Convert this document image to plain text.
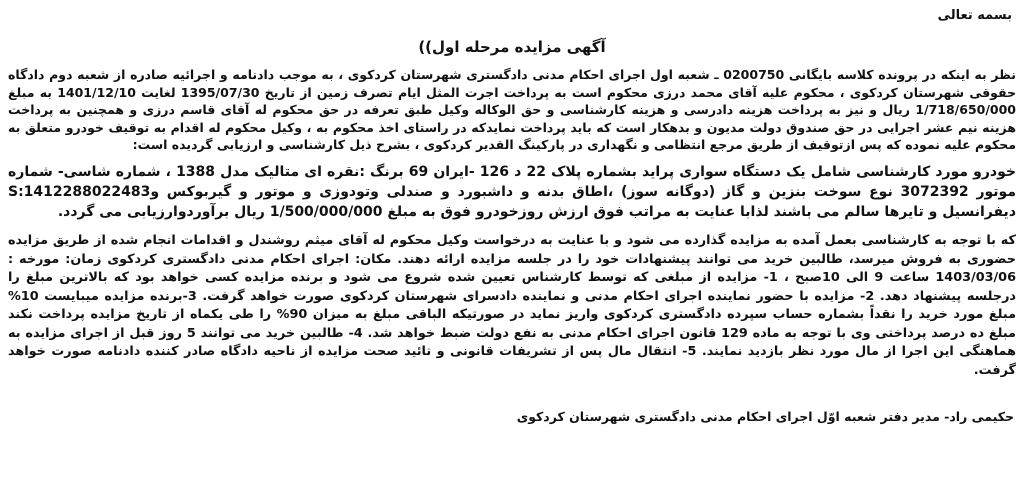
بسمه تعالی
آگهی مزایده مرحله اول))

نظر به اینکه در پرونده کلاسه بایگانی 0200750 ـ شعبه اول اجرای احکام مدنی دادگستری شهرستان کردکوی ، به موجب دادنامه و اجرائیه صادره از شعبه دوم دادگاه حقوقی شهرستان کردکوی ، محکوم علیه آقای محمد درزی محکوم است به پرداخت اجرت المثل ایام تصرف زمین از تاریخ 1395/07/30 لغایت 1401/12/10 به مبلغ 1/718/650/000 ریال و نیز به پرداخت هزینه دادرسی و هزینه کارشناسی و حق الوکاله وکیل طبق تعرفه در حق محکوم له آقای قاسم درزی و همچنین به پرداخت هزینه نیم عشر اجرایی در حق صندوق دولت مدیون و بدهکار است که باید پرداخت نمایدکه در راستای اخذ محکوم به ، وکیل محکوم له اقدام به توقیف خودرو متعلق به محکوم علیه نموده که پس ازتوقیف از طریق مرجع انتظامی و نگهداری در پارکینگ القدیر کردکوی ، بشرح ذیل کارشناسی و ارزیابی گردیده است:

خودرو مورد کارشناسی شامل یک دستگاه سواری پراید بشماره پلاک 22 د 126 -ایران 69 برنگ :نقره ای متالیک مدل 1388 ، شماره شاسی- شماره موتور 3072392 نوع سوخت بنزین و گاز (دوگانه سوز) ،اطاق بدنه و داشبورد و صندلی وتودوزی و موتور و گیربوکس وS:1412288022483 دیفرانسیل و تایرها سالم می باشند لذابا عنایت به مراتب فوق ارزش روزخودرو فوق به مبلغ 1/500/000/000 ریال برآوردوارزیابی می گردد.

که با توجه به کارشناسی بعمل آمده به مزایده گذارده می شود و با عنایت به درخواست وکیل محکوم له آقای میثم روشندل و اقدامات انجام شده از طریق مزایده حضوری به فروش میرسد، طالبین خرید می توانند پیشنهادات خود را در جلسه مزایده ارائه دهند. مکان: اجرای احکام مدنی دادگستری کردکوی زمان: مورخه : 1403/03/06 ساعت 9 الی 10صبح ، 1- مزایده از مبلغی که توسط کارشناس تعیین شده شروع می شود و برنده مزایده کسی خواهد بود که بالاترین مبلغ را درجلسه پیشنهاد دهد. 2- مزایده با حضور نماینده اجرای احکام مدنی و نماینده دادسرای شهرستان کردکوی صورت خواهد گرفت. 3-برنده مزایده میبایست 10% مبلغ مورد خرید را نقداً بشماره حساب سپرده دادگستری کردکوی واریز نماید در صورتیکه الباقی مبلغ به میزان 90% را طی یکماه از تاریخ مزایده پرداخت نکند مبلغ ده درصد پرداختی وی با توجه به ماده 129 قانون اجرای احکام مدنی به نفع دولت ضبط خواهد شد. 4- طالبین خرید می توانند 5 روز قبل از اجرای مزایده به هماهنگی این اجرا از مال مورد نظر بازدید نمایند. 5- انتقال مال پس از تشریفات قانونی و تائید صحت مزایده از ناحیه دادگاه صادر کننده دادنامه صورت خواهد گرفت.

حکیمی راد- مدیر دفتر شعبه اوّل اجرای احکام مدنی دادگستری شهرستان کردکوی
